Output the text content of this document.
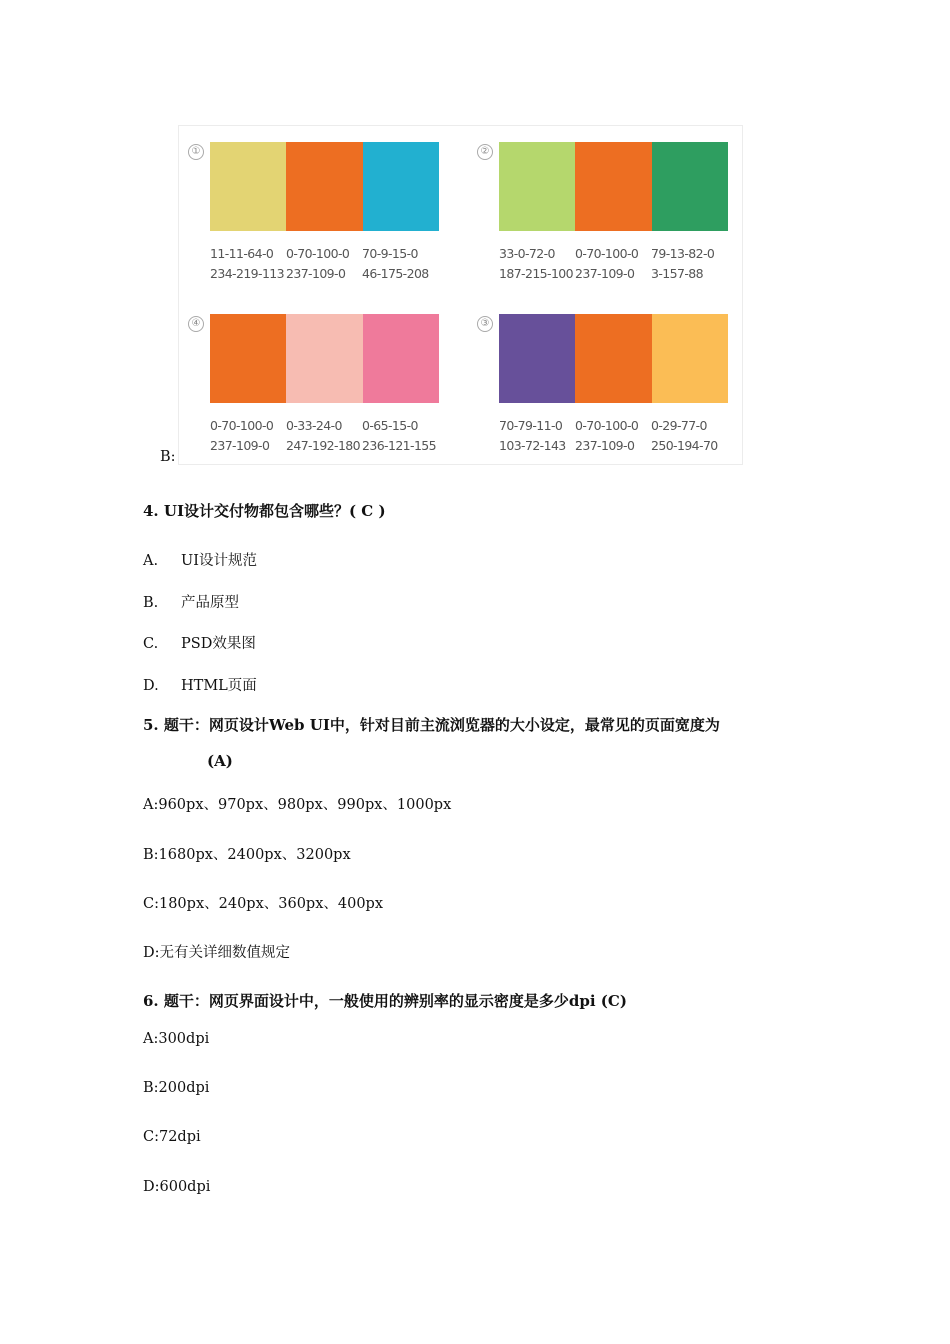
①
11-11-64-0
234-219-113
0-70-100-0
237-109-0
70-9-15-0
46-175-208
②
33-0-72-0
187-215-100
0-70-100-0
237-109-0
79-13-82-0
3-157-88
④
0-70-100-0
237-109-0
0-33-24-0
247-192-180
0-65-15-0
236-121-155
③
70-79-11-0
103-72-143
0-70-100-0
237-109-0
0-29-77-0
250-194-70
B:
4. UI设计交付物都包含哪些？( C )
A. UI设计规范
B. 产品原型
C. PSD效果图
D. HTML页面
5. 题干：网页设计Web UI中，针对目前主流浏览器的大小设定，最常见的页面宽度为
(A)
A:960px、970px、980px、990px、1000px
B:1680px、2400px、3200px
C:180px、240px、360px、400px
D:无有关详细数值规定
6. 题干：网页界面设计中，一般使用的辨别率的显示密度是多少dpi (C)
A:300dpi
B:200dpi
C:72dpi
D:600dpi
